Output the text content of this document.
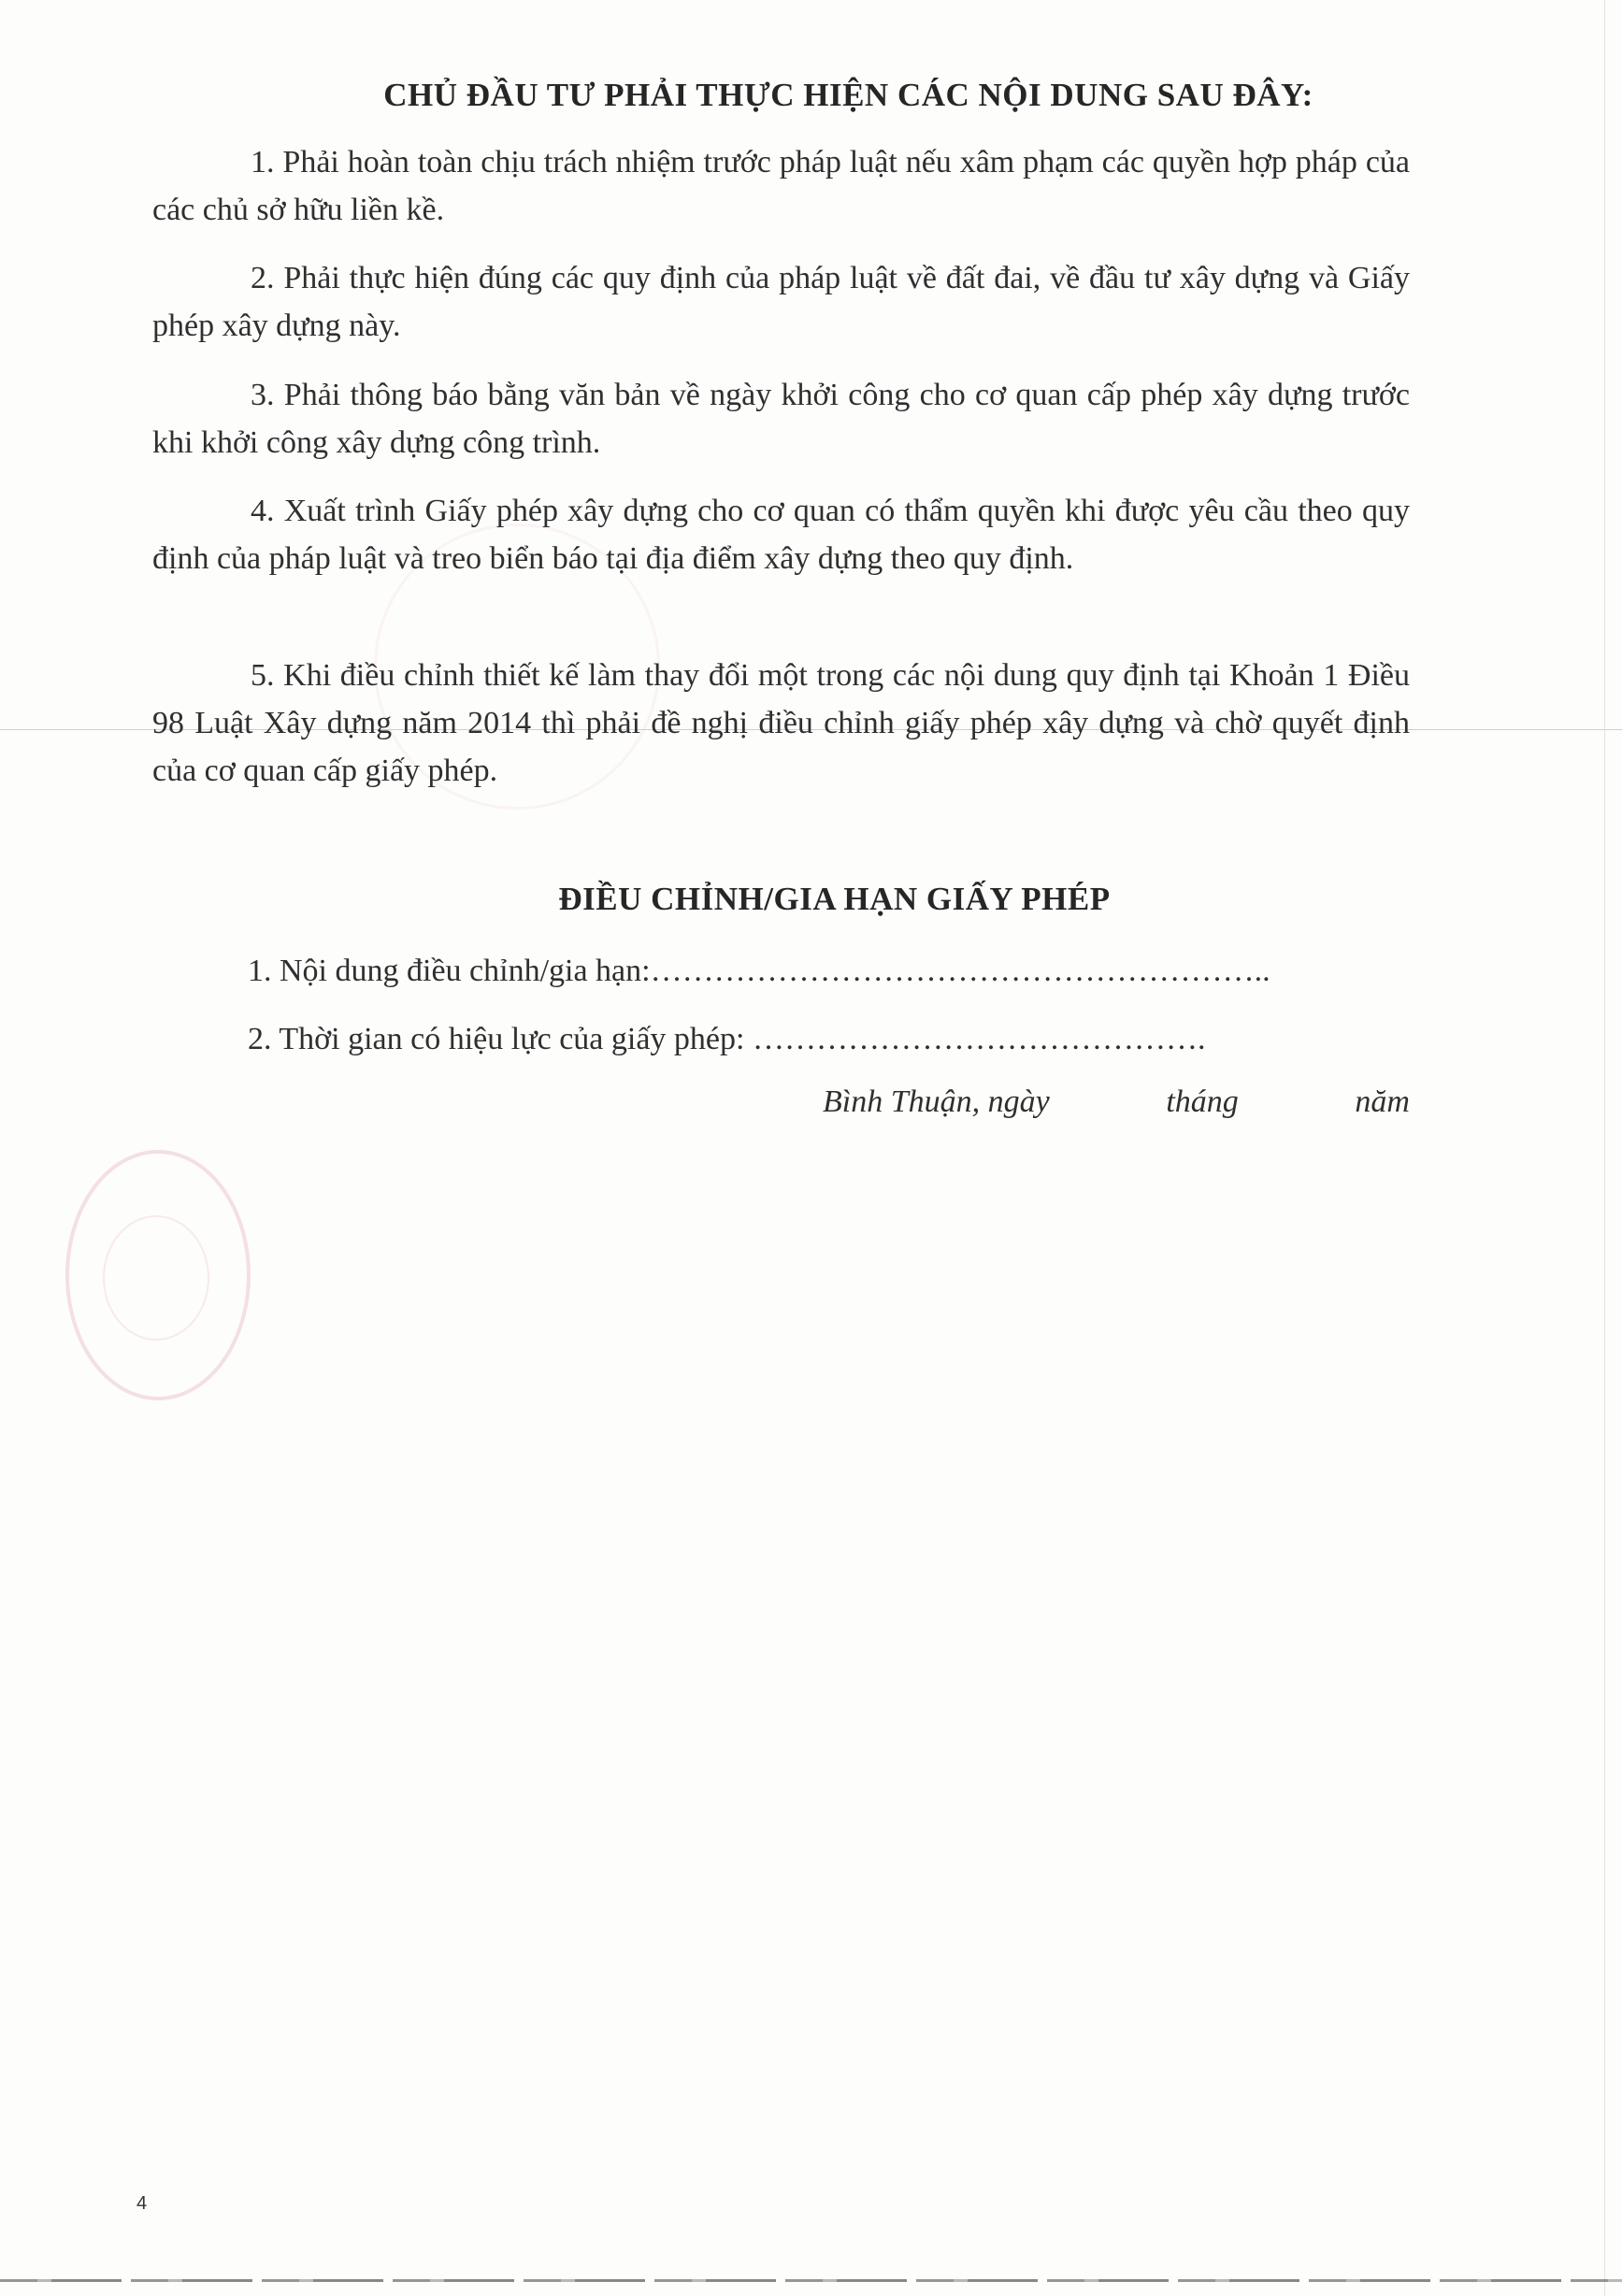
CHỦ ĐẦU TƯ PHẢI THỰC HIỆN CÁC NỘI DUNG SAU ĐÂY:
1. Phải hoàn toàn chịu trách nhiệm trước pháp luật nếu xâm phạm các quyền hợp pháp của các chủ sở hữu liền kề.
2. Phải thực hiện đúng các quy định của pháp luật về đất đai, về đầu tư xây dựng và Giấy phép xây dựng này.
3. Phải thông báo bằng văn bản về ngày khởi công cho cơ quan cấp phép xây dựng trước khi khởi công xây dựng công trình.
4. Xuất trình Giấy phép xây dựng cho cơ quan có thẩm quyền khi được yêu cầu theo quy định của pháp luật và treo biển báo tại địa điểm xây dựng theo quy định.
5. Khi điều chỉnh thiết kế làm thay đổi một trong các nội dung quy định tại Khoản 1 Điều 98 Luật Xây dựng năm 2014 thì phải đề nghị điều chỉnh giấy phép xây dựng và chờ quyết định của cơ quan cấp giấy phép.
ĐIỀU CHỈNH/GIA HẠN GIẤY PHÉP
1. Nội dung điều chỉnh/gia hạn:…………………………………………………..
2. Thời gian có hiệu lực của giấy phép: …………………………………….
Bình Thuận, ngày	tháng	năm
4
